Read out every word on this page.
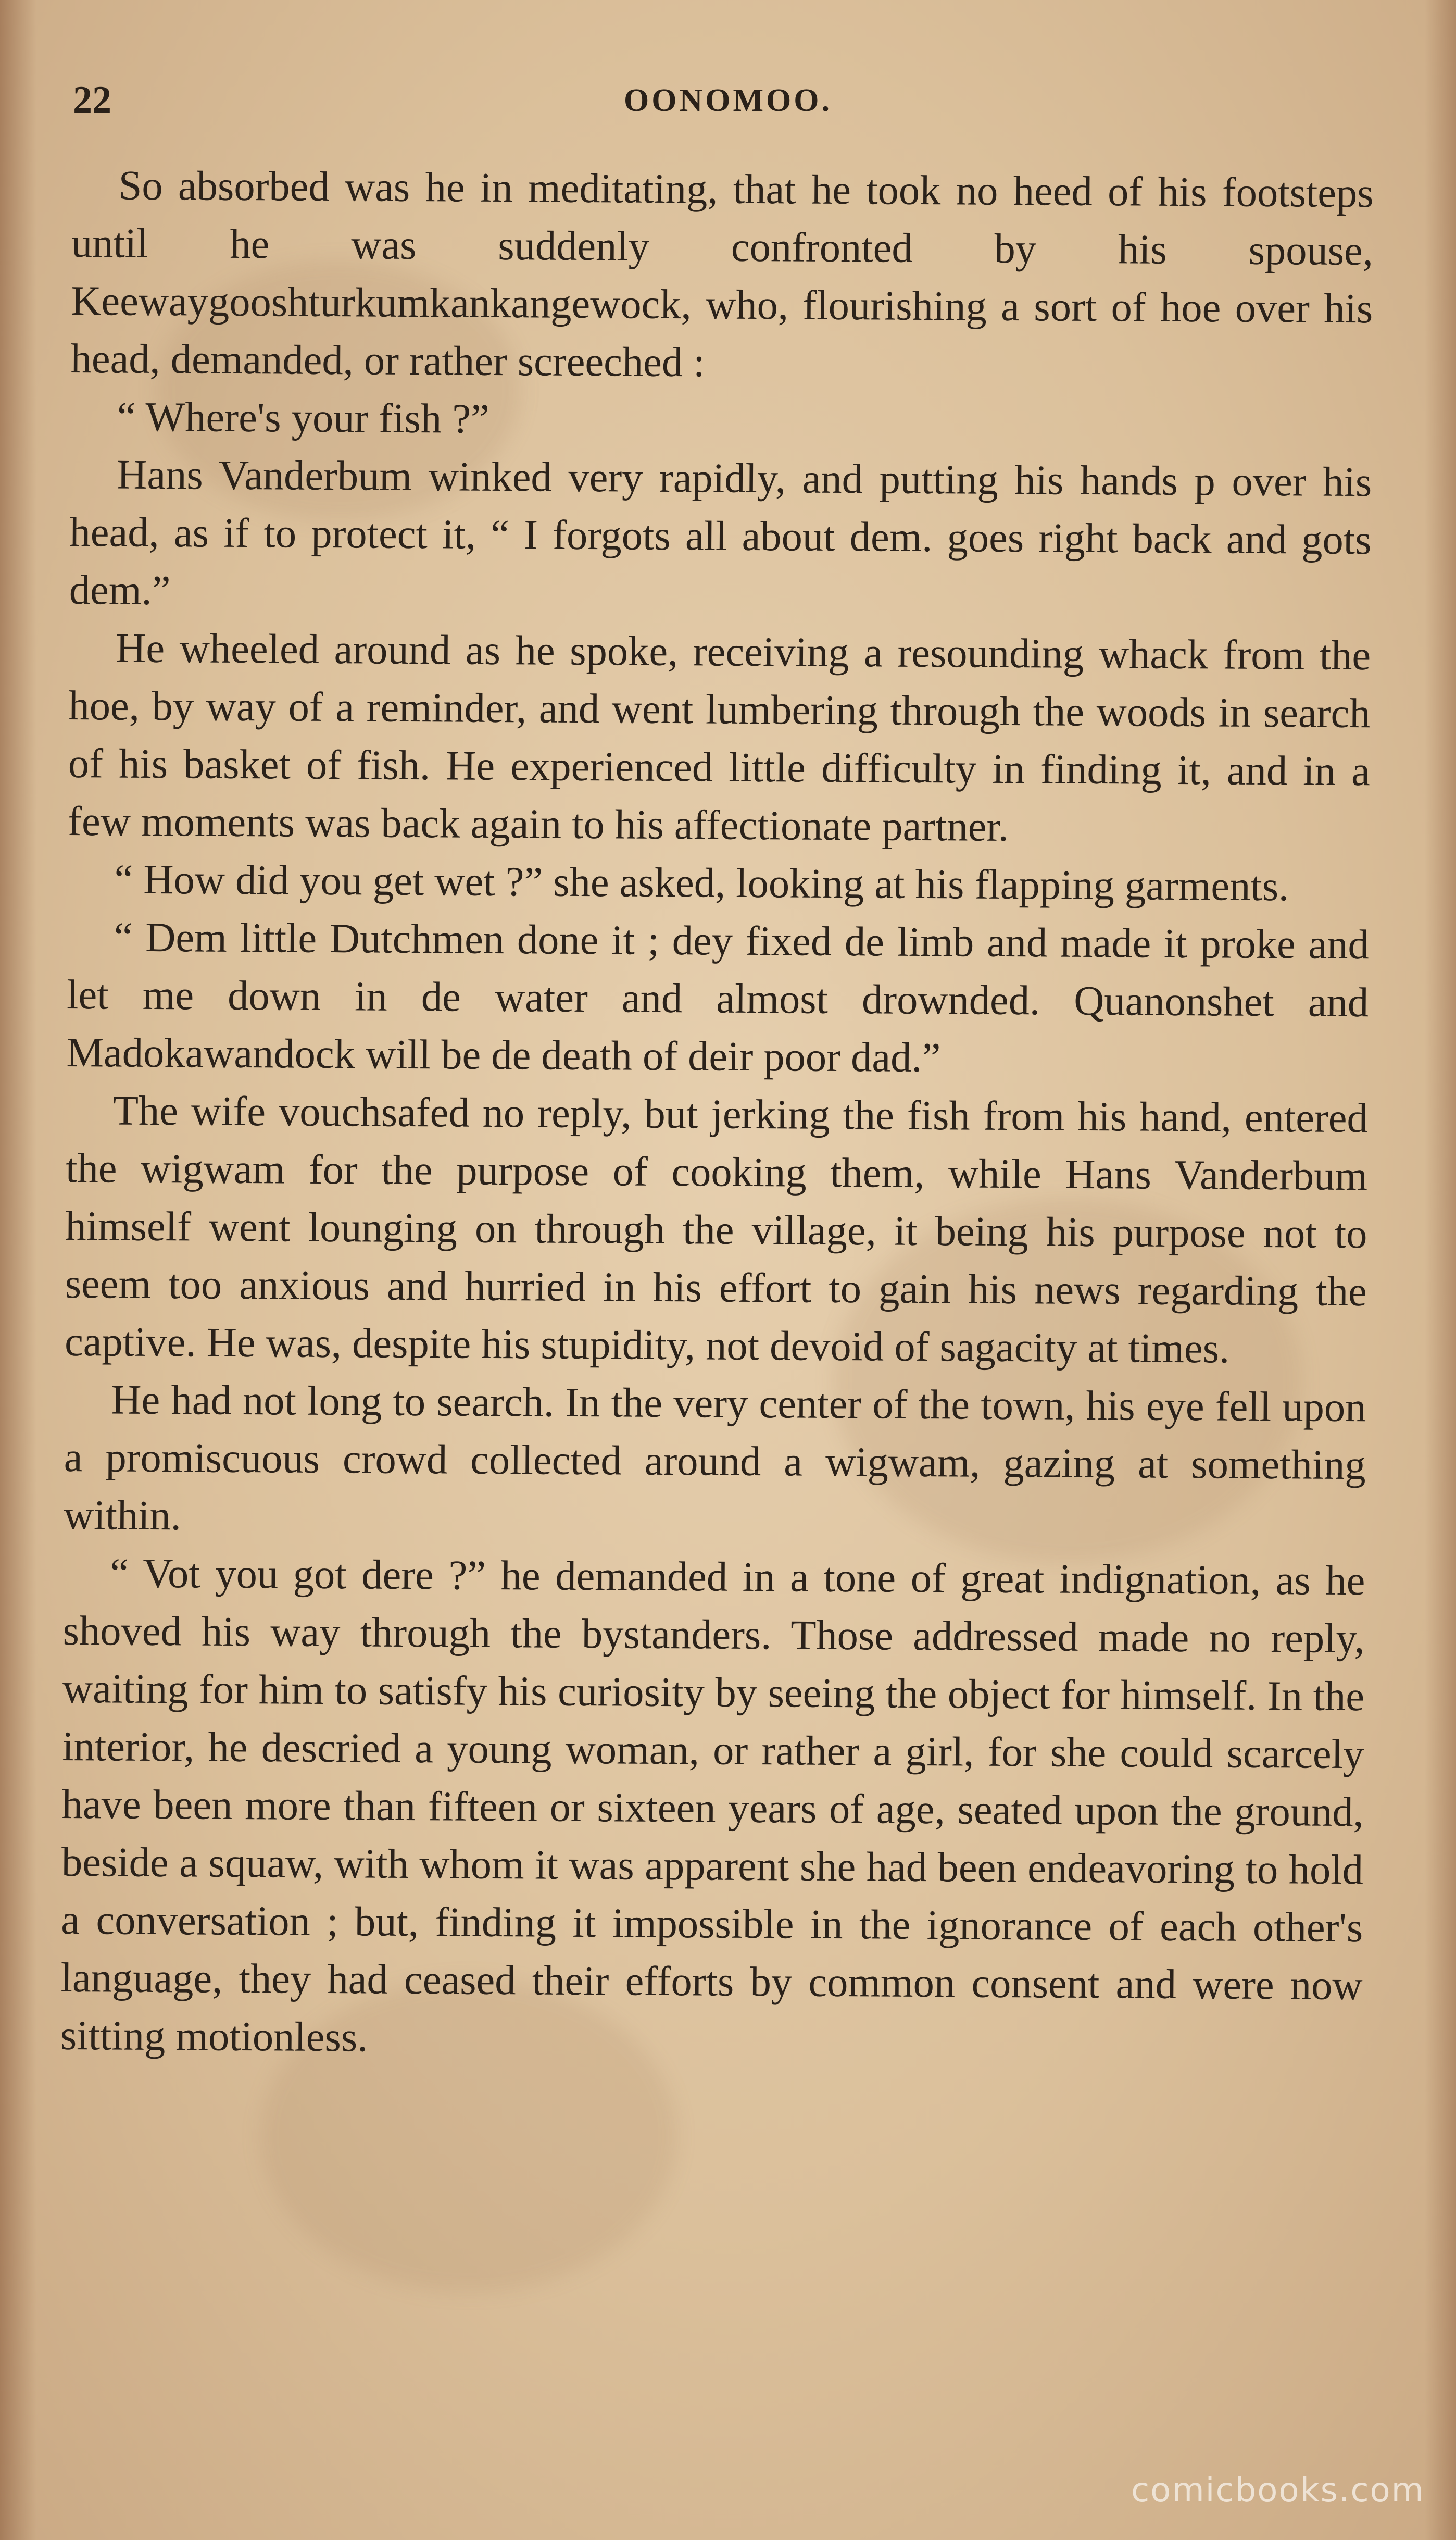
22	OONOMOO.

So absorbed was he in meditating, that he took no heed of his footsteps until he was suddenly confronted by his spouse, Keewaygooshturkumkankangewock, who, flourishing a sort of hoe over his head, demanded, or rather screeched :

“ Where's your fish ?”

Hans Vanderbum winked very rapidly, and putting his hands p over his head, as if to protect it, “ I forgots all about dem. goes right back and gots dem.”

He wheeled around as he spoke, receiving a resounding whack from the hoe, by way of a reminder, and went lumbering through the woods in search of his basket of fish. He experienced little difficulty in finding it, and in a few moments was back again to his affectionate partner.

“ How did you get wet ?” she asked, looking at his flapping garments.

“ Dem little Dutchmen done it ; dey fixed de limb and made it proke and let me down in de water and almost drownded. Quanonshet and Madokawandock will be de death of deir poor dad.”

The wife vouchsafed no reply, but jerking the fish from his hand, entered the wigwam for the purpose of cooking them, while Hans Vanderbum himself went lounging on through the village, it being his purpose not to seem too anxious and hurried in his effort to gain his news regarding the captive. He was, despite his stupidity, not devoid of sagacity at times.

He had not long to search. In the very center of the town, his eye fell upon a promiscuous crowd collected around a wigwam, gazing at something within.

“ Vot you got dere ?” he demanded in a tone of great indignation, as he shoved his way through the bystanders. Those addressed made no reply, waiting for him to satisfy his curiosity by seeing the object for himself. In the interior, he descried a young woman, or rather a girl, for she could scarcely have been more than fifteen or sixteen years of age, seated upon the ground, beside a squaw, with whom it was apparent she had been endeavoring to hold a conversation ; but, finding it impossible in the ignorance of each other's language, they had ceased their efforts by common consent and were now sitting motionless.

comicbooks.com
